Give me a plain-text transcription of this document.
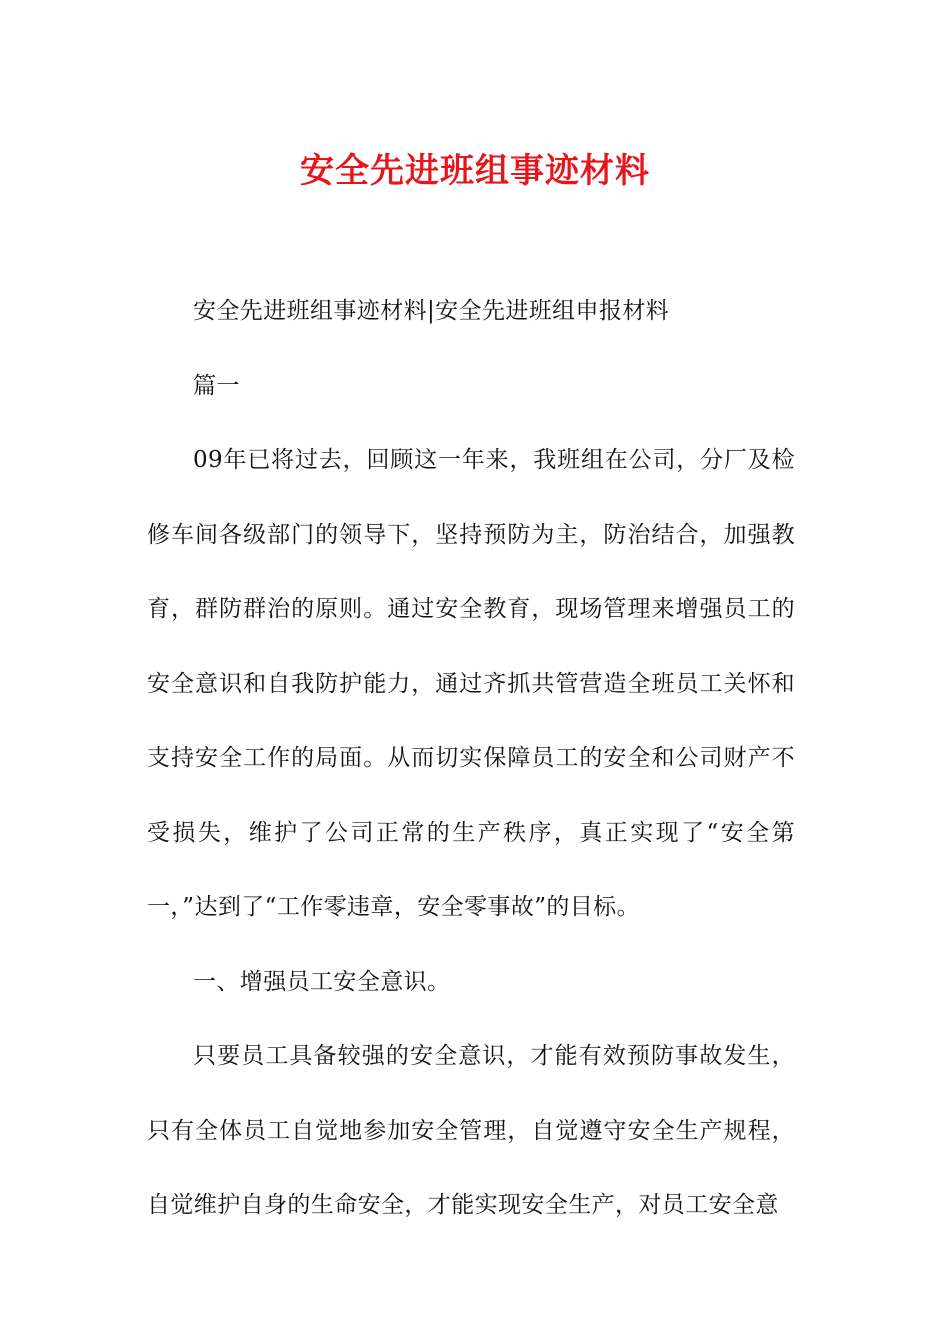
安全先进班组事迹材料

安全先进班组事迹材料|安全先进班组申报材料

篇一

09年已将过去，回顾这一年来，我班组在公司，分厂及检修车间各级部门的领导下，坚持预防为主，防治结合，加强教育，群防群治的原则。通过安全教育，现场管理来增强员工的安全意识和自我防护能力，通过齐抓共管营造全班员工关怀和支持安全工作的局面。从而切实保障员工的安全和公司财产不受损失，维护了公司正常的生产秩序，真正实现了“安全第一，”达到了“工作零违章，安全零事故”的目标。

一、增强员工安全意识。

只要员工具备较强的安全意识，才能有效预防事故发生，只有全体员工自觉地参加安全管理，自觉遵守安全生产规程，自觉维护自身的生命安全，才能实现安全生产，对员工安全意
